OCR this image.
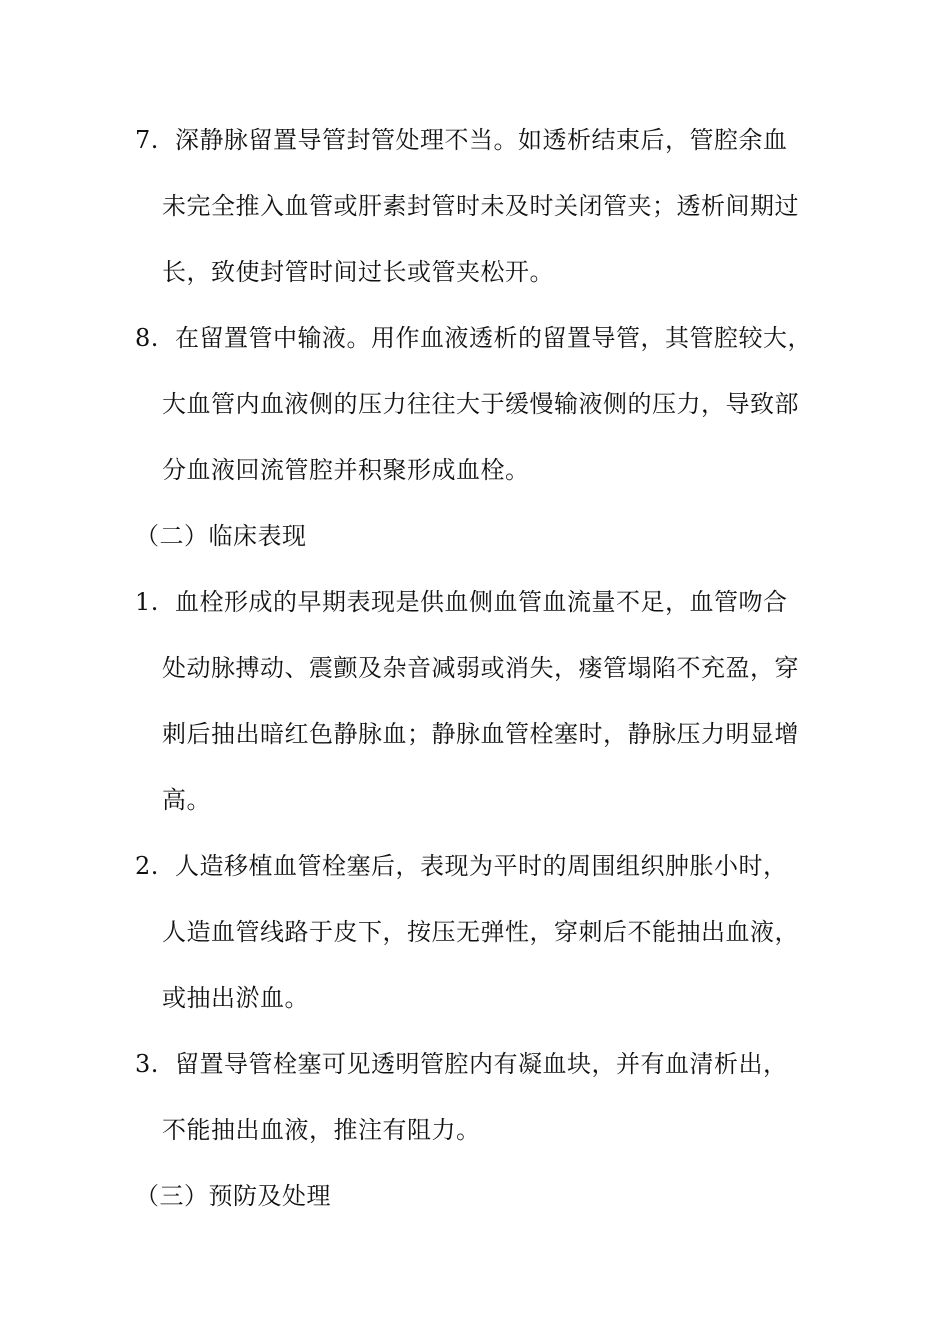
7. 深静脉留置导管封管处理不当。如透析结束后，管腔余血
未完全推入血管或肝素封管时未及时关闭管夹；透析间期过
长，致使封管时间过长或管夹松开。
8. 在留置管中输液。用作血液透析的留置导管，其管腔较大，
大血管内血液侧的压力往往大于缓慢输液侧的压力，导致部
分血液回流管腔并积聚形成血栓。
（二）临床表现
1. 血栓形成的早期表现是供血侧血管血流量不足，血管吻合
处动脉搏动、震颤及杂音减弱或消失，瘘管塌陷不充盈，穿
刺后抽出暗红色静脉血；静脉血管栓塞时，静脉压力明显增
高。
2. 人造移植血管栓塞后，表现为平时的周围组织肿胀小时，
人造血管线路于皮下，按压无弹性，穿刺后不能抽出血液，
或抽出淤血。
3. 留置导管栓塞可见透明管腔内有凝血块，并有血清析出，
不能抽出血液，推注有阻力。
（三）预防及处理
